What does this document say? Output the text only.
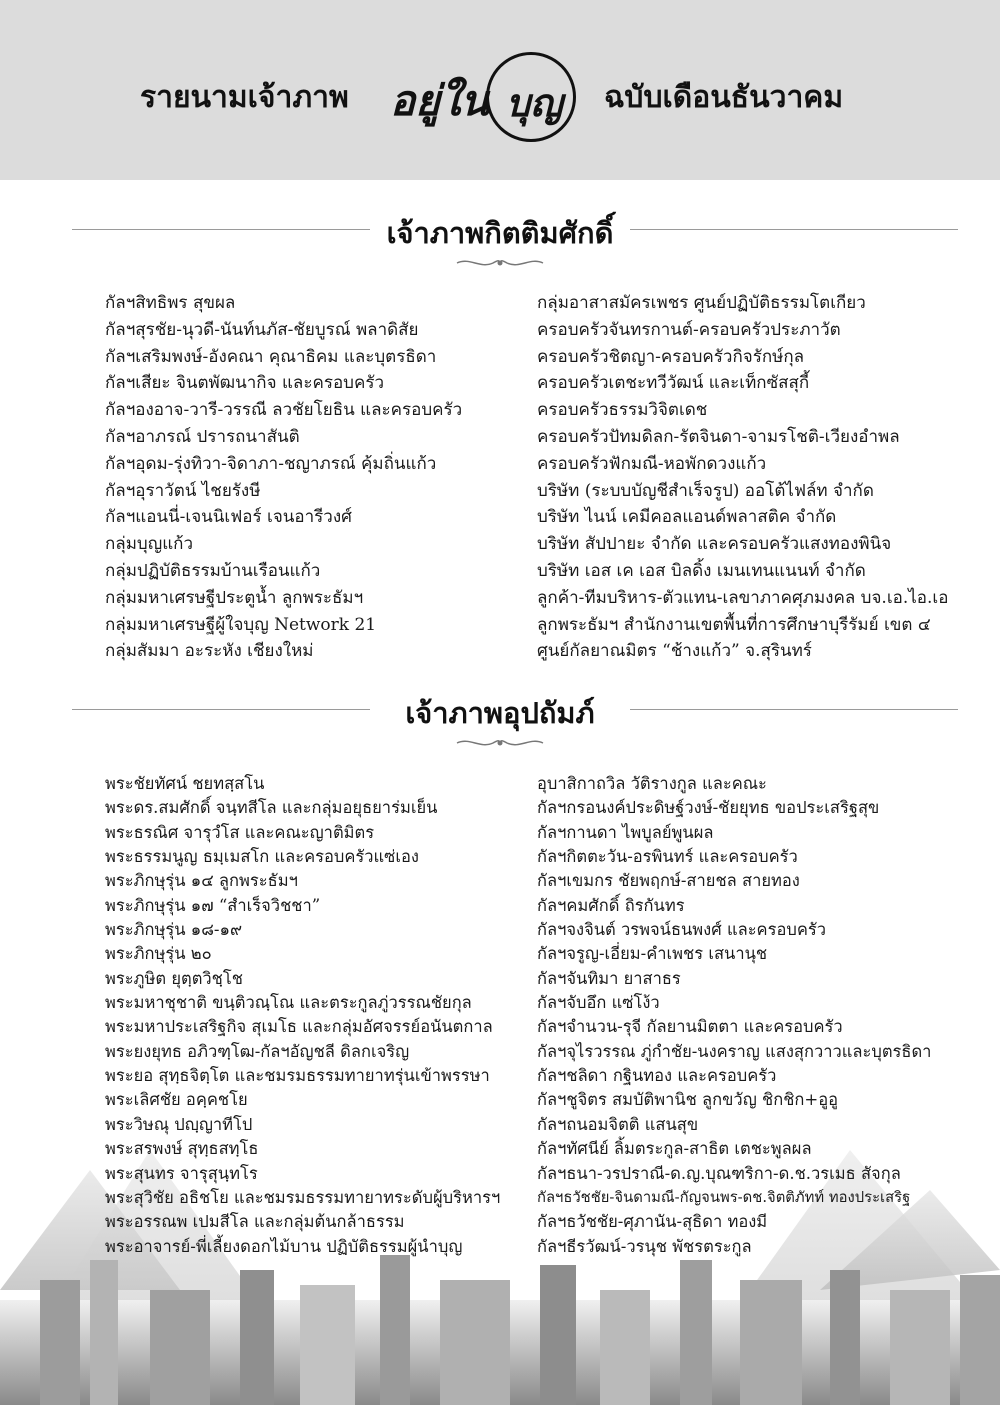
รายนามเจ้าภาพ อยู่ใน บุญ ฉบับเดือนธันวาคม
เจ้าภาพกิตติมศักดิ์
กัลฯสิทธิพร สุขผล
กัลฯสุรชัย-นุวดี-นันท์นภัส-ชัยบูรณ์ พลาดิสัย
กัลฯเสริมพงษ์-อังคณา คุณาธิคม และบุตรธิดา
กัลฯเสียะ จินตพัฒนากิจ และครอบครัว
กัลฯองอาจ-วารี-วรรณี ลวชัยโยธิน และครอบครัว
กัลฯอาภรณ์ ปรารถนาสันติ
กัลฯอุดม-รุ่งทิวา-จิดาภา-ชญาภรณ์ คุ้มถิ่นแก้ว
กัลฯอุราวัตน์ ไชยรังษี
กัลฯแอนนี่-เจนนิเฟอร์ เจนอารีวงศ์
กลุ่มบุญแก้ว
กลุ่มปฏิบัติธรรมบ้านเรือนแก้ว
กลุ่มมหาเศรษฐีประตูน้ำ ลูกพระธัมฯ
กลุ่มมหาเศรษฐีผู้ใจบุญ Network 21
กลุ่มสัมมา อะระหัง เชียงใหม่
กลุ่มอาสาสมัครเพชร ศูนย์ปฏิบัติธรรมโตเกียว
ครอบครัวจันทรกานต์-ครอบครัวประภาวัต
ครอบครัวชิตญา-ครอบครัวกิจรักษ์กุล
ครอบครัวเตชะทวีวัฒน์ และเท็กซัสสุกี้
ครอบครัวธรรมวิจิตเดช
ครอบครัวปัทมดิลก-รัตจินดา-จามรโชติ-เวียงอำพล
ครอบครัวฟักมณี-หอพักดวงแก้ว
บริษัท (ระบบบัญชีสำเร็จรูป) ออโต้ไฟล์ท จำกัด
บริษัท ไนน์ เคมีคอลแอนด์พลาสติค จำกัด
บริษัท สัปปายะ จำกัด และครอบครัวแสงทองพินิจ
บริษัท เอส เค เอส บิลดิ้ง เมนเทนแนนท์ จำกัด
ลูกค้า-ทีมบริหาร-ตัวแทน-เลขาภาคศุภมงคล บจ.เอ.ไอ.เอ
ลูกพระธัมฯ สำนักงานเขตพื้นที่การศึกษาบุรีรัมย์ เขต ๔
ศูนย์กัลยาณมิตร “ช้างแก้ว” จ.สุรินทร์
เจ้าภาพอุปถัมภ์
พระชัยทัศน์ ชยทสฺสโน
พระดร.สมศักดิ์ จนฺทสีโล และกลุ่มอยุธยาร่มเย็น
พระธรณิศ จารุวํโส และคณะญาติมิตร
พระธรรมนูญ ธมฺเมสโก และครอบครัวแซ่เอง
พระภิกษุรุ่น ๑๔ ลูกพระธัมฯ
พระภิกษุรุ่น ๑๗ “สำเร็จวิชชา”
พระภิกษุรุ่น ๑๘-๑๙
พระภิกษุรุ่น ๒๐
พระภูษิต ยุตฺตวิชฺโช
พระมหาชุชาติ ขนฺติวณฺโณ และตระกูลภู่วรรณชัยกุล
พระมหาประเสริฐกิจ สุเมโธ และกลุ่มอัศจรรย์อนันตกาล
พระยงยุทธ อภิวฑฺโฒ-กัลฯอัญชลี ดิลกเจริญ
พระยอ สุทฺธจิตฺโต และชมรมธรรมทายาทรุ่นเข้าพรรษา
พระเลิศชัย อคฺคชโย
พระวิษณุ ปญฺญาทีโป
พระสรพงษ์ สุทฺธสทฺโธ
พระสุนทร จารุสุนฺทโร
พระสุวิชัย อธิชโย และชมรมธรรมทายาทระดับผู้บริหารฯ
พระอรรณพ เปมสีโล และกลุ่มต้นกล้าธรรม
พระอาจารย์-พี่เลี้ยงดอกไม้บาน ปฏิบัติธรรมผู้นำบุญ
อุบาสิกาถวิล วัติรางกูล และคณะ
กัลฯกรอนงค์ประดิษฐ์วงษ์-ชัยยุทธ ขอประเสริฐสุข
กัลฯกานดา ไพบูลย์พูนผล
กัลฯกิตตะวัน-อรพินทร์ และครอบครัว
กัลฯเขมกร ชัยพฤกษ์-สายชล สายทอง
กัลฯคมศักดิ์ ถิรกันทร
กัลฯจงจินต์ วรพจน์ธนพงศ์ และครอบครัว
กัลฯจรูญ-เอี่ยม-คำเพชร เสนานุช
กัลฯจันทิมา ยาสาธร
กัลฯจับอึก แซ่โง้ว
กัลฯจำนวน-รุจี กัลยานมิตตา และครอบครัว
กัลฯจุไรวรรณ ภู่กำชัย-นงคราญ แสงสุกวาวและบุตรธิดา
กัลฯชลิดา กฐินทอง และครอบครัว
กัลฯชูจิตร สมบัติพานิช ลูกขวัญ ชิกชิก+อูอู
กัลฯถนอมจิตติ แสนสุข
กัลฯทัศนีย์ ลิ้มตระกูล-สาธิต เตชะพูลผล
กัลฯธนา-วรปราณี-ด.ญ.บุณฑริกา-ด.ช.วรเมธ สัจกุล
กัลฯธวัชชัย-จินดามณี-กัญจนพร-ดช.จิตติภัทท์ ทองประเสริฐ
กัลฯธวัชชัย-ศุภานัน-สุธิดา ทองมี
กัลฯธีรวัฒน์-วรนุช พัชรตระกูล
